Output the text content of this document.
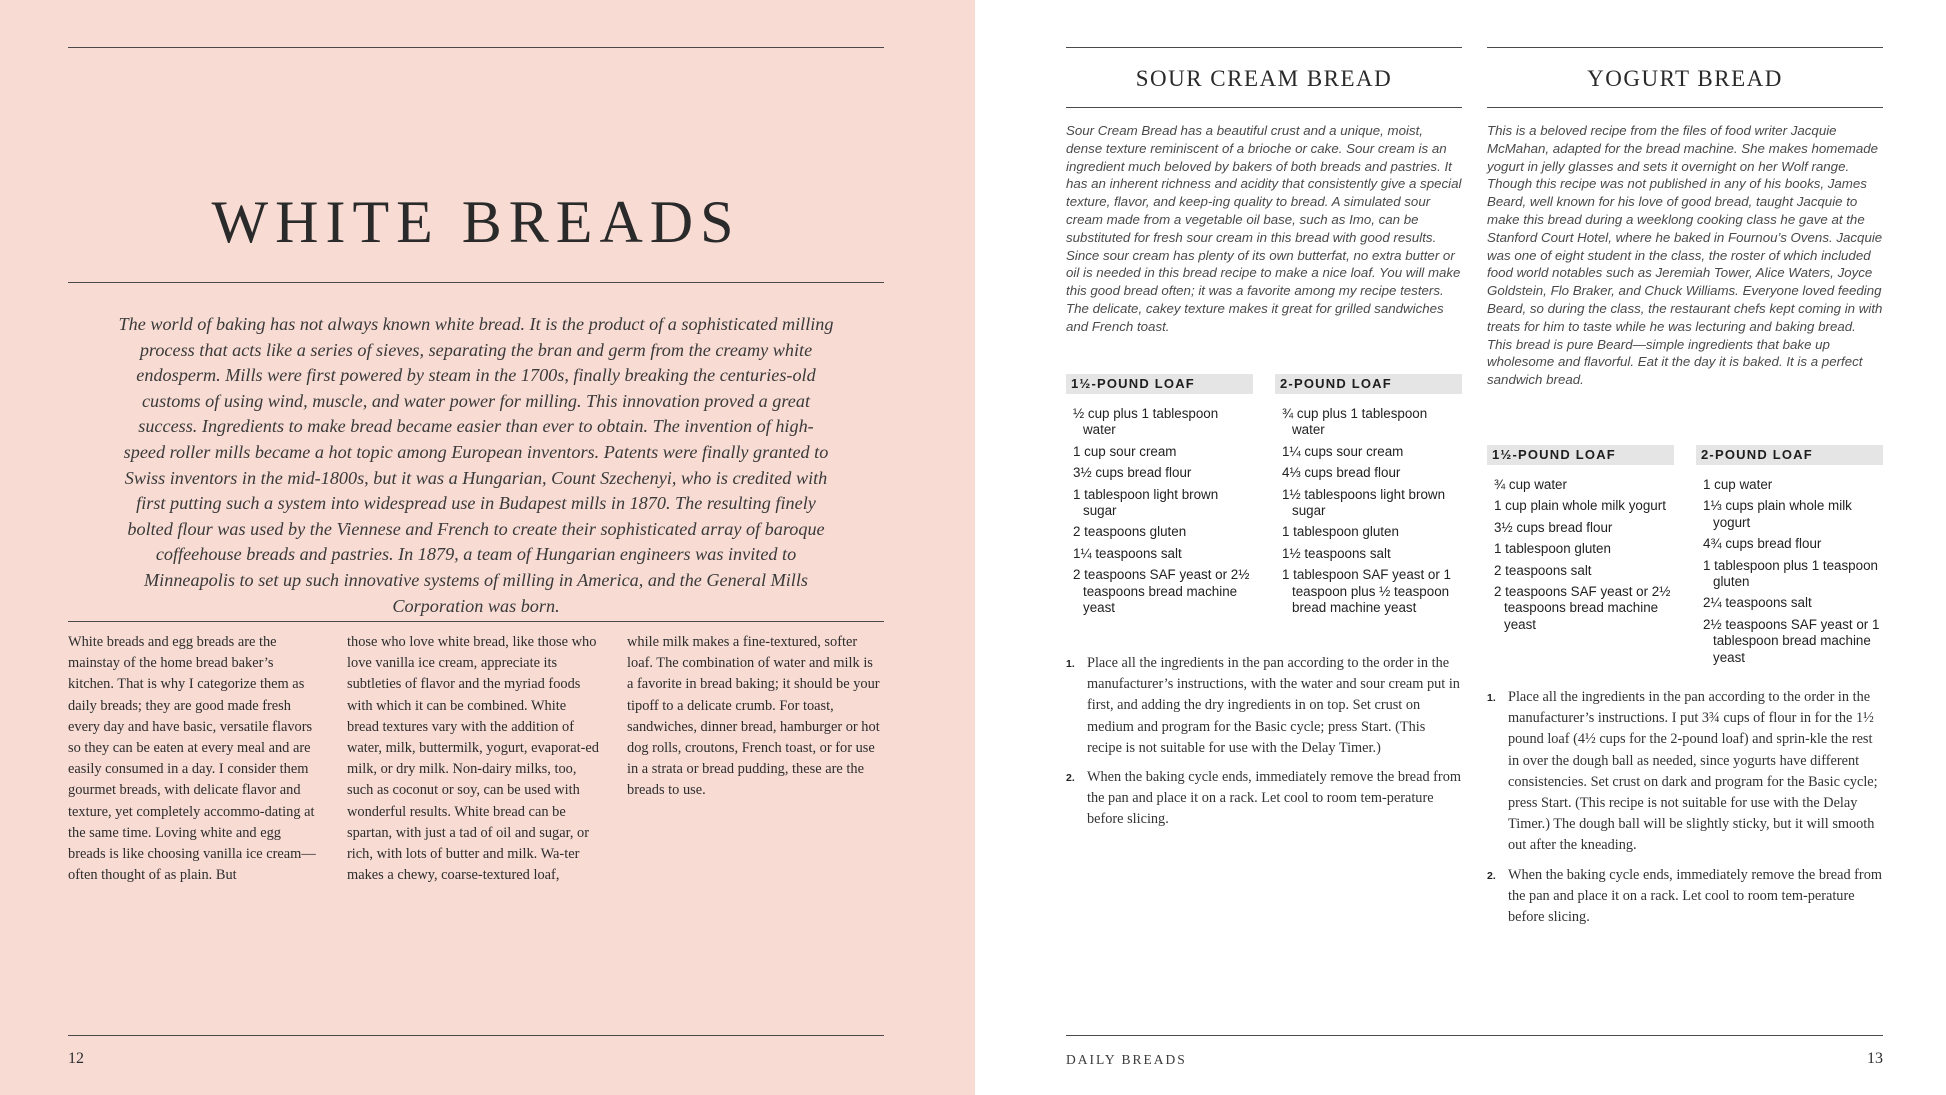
WHITE BREADS
The world of baking has not always known white bread. It is the product of a sophisticated milling process that acts like a series of sieves, separating the bran and germ from the creamy white endosperm. Mills were first powered by steam in the 1700s, finally breaking the centuries-old customs of using wind, muscle, and water power for milling. This innovation proved a great success. Ingredients to make bread became easier than ever to obtain. The invention of high-speed roller mills became a hot topic among European inventors. Patents were finally granted to Swiss inventors in the mid-1800s, but it was a Hungarian, Count Szechenyi, who is credited with first putting such a system into widespread use in Budapest mills in 1870. The resulting finely bolted flour was used by the Viennese and French to create their sophisticated array of baroque coffeehouse breads and pastries. In 1879, a team of Hungarian engineers was invited to Minneapolis to set up such innovative systems of milling in America, and the General Mills Corporation was born.
White breads and egg breads are the mainstay of the home bread baker’s kitchen. That is why I categorize them as daily breads; they are good made fresh every day and have basic, versatile flavors so they can be eaten at every meal and are easily consumed in a day. I consider them gourmet breads, with delicate flavor and texture, yet completely accommo-dating at the same time. Loving white and egg breads is like choosing vanilla ice cream—often thought of as plain. But
those who love white bread, like those who love vanilla ice cream, appreciate its subtleties of flavor and the myriad foods with which it can be combined. White bread textures vary with the addition of water, milk, buttermilk, yogurt, evaporat-ed milk, or dry milk. Non-dairy milks, too, such as coconut or soy, can be used with wonderful results. White bread can be spartan, with just a tad of oil and sugar, or rich, with lots of butter and milk. Wa-ter makes a chewy, coarse-textured loaf,
while milk makes a fine-textured, softer loaf. The combination of water and milk is a favorite in bread baking; it should be your tipoff to a delicate crumb. For toast, sandwiches, dinner bread, hamburger or hot dog rolls, croutons, French toast, or for use in a strata or bread pudding, these are the breads to use.
12
SOUR CREAM BREAD
Sour Cream Bread has a beautiful crust and a unique, moist, dense texture reminiscent of a brioche or cake. Sour cream is an ingredient much beloved by bakers of both breads and pastries. It has an inherent richness and acidity that consistently give a special texture, flavor, and keep-ing quality to bread. A simulated sour cream made from a vegetable oil base, such as Imo, can be substituted for fresh sour cream in this bread with good results. Since sour cream has plenty of its own butterfat, no extra butter or oil is needed in this bread recipe to make a nice loaf. You will make this good bread often; it was a favorite among my recipe testers. The delicate, cakey texture makes it great for grilled sandwiches and French toast.
1½-POUND LOAF
½ cup plus 1 tablespoon water
1 cup sour cream
3½ cups bread flour
1 tablespoon light brown sugar
2 teaspoons gluten
1¼ teaspoons salt
2 teaspoons SAF yeast or 2½ teaspoons bread machine yeast
2-POUND LOAF
¾ cup plus 1 tablespoon water
1¼ cups sour cream
4⅓ cups bread flour
1½ tablespoons light brown sugar
1 tablespoon gluten
1½ teaspoons salt
1 tablespoon SAF yeast or 1 teaspoon plus ½ teaspoon bread machine yeast
1. Place all the ingredients in the pan according to the order in the manufacturer’s instructions, with the water and sour cream put in first, and adding the dry ingredients in on top. Set crust on medium and program for the Basic cycle; press Start. (This recipe is not suitable for use with the Delay Timer.)
2. When the baking cycle ends, immediately remove the bread from the pan and place it on a rack. Let cool to room tem-perature before slicing.
YOGURT BREAD
This is a beloved recipe from the files of food writer Jacquie McMahan, adapted for the bread machine. She makes homemade yogurt in jelly glasses and sets it overnight on her Wolf range. Though this recipe was not published in any of his books, James Beard, well known for his love of good bread, taught Jacquie to make this bread during a weeklong cooking class he gave at the Stanford Court Hotel, where he baked in Fournou’s Ovens. Jacquie was one of eight student in the class, the roster of which included food world notables such as Jeremiah Tower, Alice Waters, Joyce Goldstein, Flo Braker, and Chuck Williams. Everyone loved feeding Beard, so during the class, the restaurant chefs kept coming in with treats for him to taste while he was lecturing and baking bread. This bread is pure Beard—simple ingredients that bake up wholesome and flavorful. Eat it the day it is baked. It is a perfect sandwich bread.
1½-POUND LOAF
¾ cup water
1 cup plain whole milk yogurt
3½ cups bread flour
1 tablespoon gluten
2 teaspoons salt
2 teaspoons SAF yeast or 2½ teaspoons bread machine yeast
2-POUND LOAF
1 cup water
1⅓ cups plain whole milk yogurt
4¾ cups bread flour
1 tablespoon plus 1 teaspoon gluten
2¼ teaspoons salt
2½ teaspoons SAF yeast or 1 tablespoon bread machine yeast
1. Place all the ingredients in the pan according to the order in the manufacturer’s instructions. I put 3¾ cups of flour in for the 1½ pound loaf (4½ cups for the 2-pound loaf) and sprin-kle the rest in over the dough ball as needed, since yogurts have different consistencies. Set crust on dark and program for the Basic cycle; press Start. (This recipe is not suitable for use with the Delay Timer.) The dough ball will be slightly sticky, but it will smooth out after the kneading.
2. When the baking cycle ends, immediately remove the bread from the pan and place it on a rack. Let cool to room tem-perature before slicing.
DAILY BREADS	13
